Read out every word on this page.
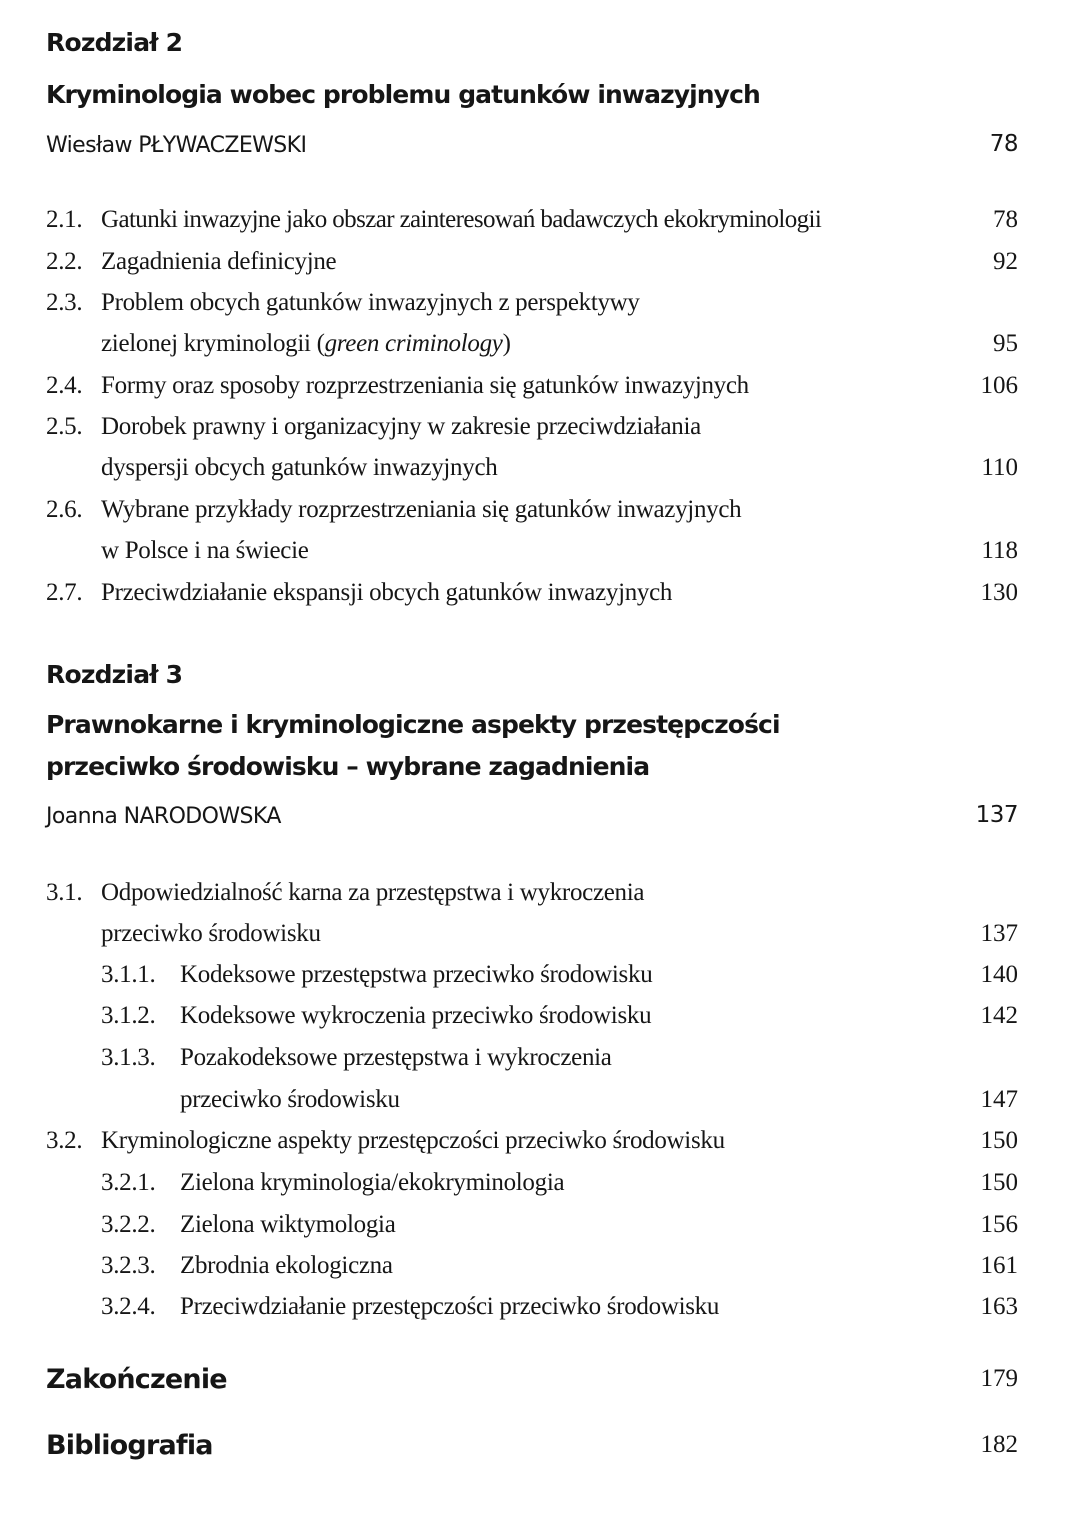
Rozdział 2
Kryminologia wobec problemu gatunków inwazyjnych
Wiesław PŁYWACZEWSKI	78
2.1. Gatunki inwazyjne jako obszar zainteresowań badawczych ekokryminologii	78
2.2. Zagadnienia definicyjne	92
2.3. Problem obcych gatunków inwazyjnych z perspektywy
zielonej kryminologii (green criminology)	95
2.4. Formy oraz sposoby rozprzestrzeniania się gatunków inwazyjnych	106
2.5. Dorobek prawny i organizacyjny w zakresie przeciwdziałania
dyspersji obcych gatunków inwazyjnych	110
2.6. Wybrane przykłady rozprzestrzeniania się gatunków inwazyjnych
w Polsce i na świecie	118
2.7. Przeciwdziałanie ekspansji obcych gatunków inwazyjnych	130
Rozdział 3
Prawnokarne i kryminologiczne aspekty przestępczości
przeciwko środowisku – wybrane zagadnienia
Joanna NARODOWSKA	137
3.1. Odpowiedzialność karna za przestępstwa i wykroczenia
przeciwko środowisku	137
3.1.1. Kodeksowe przestępstwa przeciwko środowisku	140
3.1.2. Kodeksowe wykroczenia przeciwko środowisku	142
3.1.3. Pozakodeksowe przestępstwa i wykroczenia
przeciwko środowisku	147
3.2. Kryminologiczne aspekty przestępczości przeciwko środowisku	150
3.2.1. Zielona kryminologia/ekokryminologia	150
3.2.2. Zielona wiktymologia	156
3.2.3. Zbrodnia ekologiczna	161
3.2.4. Przeciwdziałanie przestępczości przeciwko środowisku	163
Zakończenie	179
Bibliografia	182
